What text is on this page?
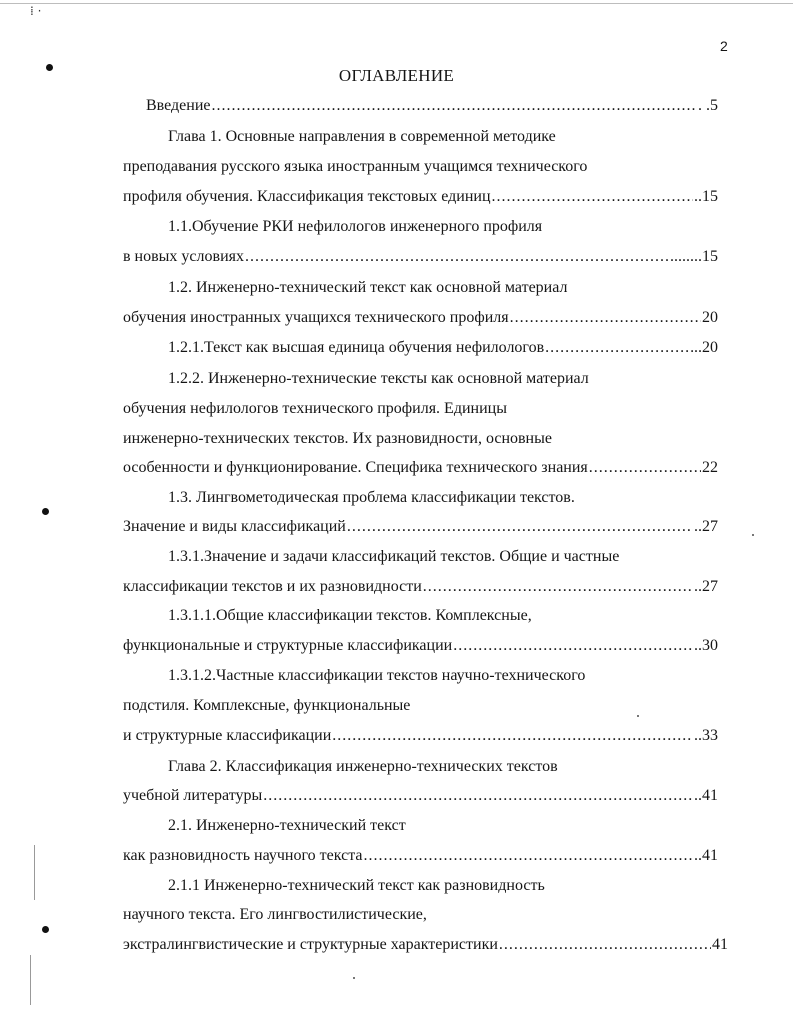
⁞ ·
2
ОГЛАВЛЕНИЕ
Введение .....	. .5
Глава 1. Основные направления в современной методике
преподавания русского языка иностранным учащимся технического
профиля обучения. Классификация текстовых единиц .....	..15
1.1.Обучение РКИ нефилологов инженерного профиля
в новых условиях .....	........15
1.2. Инженерно-технический текст как основной материал
обучения иностранных учащихся технического профиля .....	20
1.2.1.Текст как высшая единица обучения нефилологов .....	..20
1.2.2. Инженерно-технические тексты как основной материал
обучения нефилологов технического профиля. Единицы
инженерно-технических текстов. Их разновидности, основные
особенности и функционирование. Специфика технического знания .....	22
1.3. Лингвометодическая проблема классификации текстов.
Значение и виды классификаций .....	..27
1.3.1.Значение и задачи классификаций текстов. Общие и частные
классификации текстов и их разновидности .....	..27
1.3.1.1.Общие классификации текстов. Комплексные,
функциональные и структурные классификации .....	..30
1.3.1.2.Частные классификации текстов научно-технического
подстиля. Комплексные, функциональные
и структурные классификации .....	..33
Глава 2. Классификация инженерно-технических текстов
учебной литературы .....	..41
2.1. Инженерно-технический текст
как разновидность научного текста .....	..41
2.1.1 Инженерно-технический текст как разновидность
научного текста. Его лингвостилистические,
экстралингвистические и структурные характеристики .....	41
